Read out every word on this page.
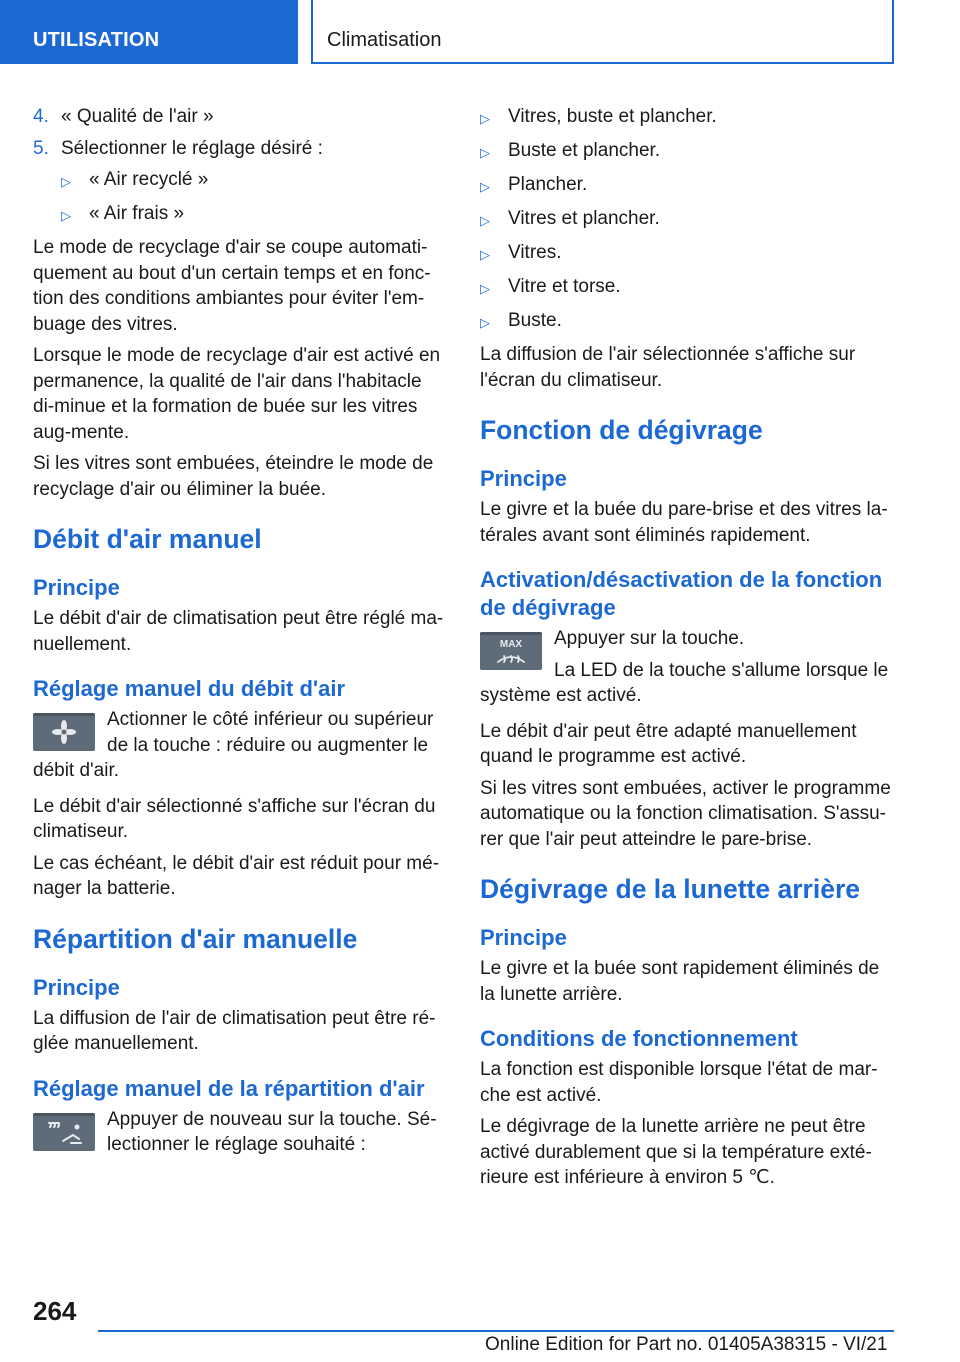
UTILISATION	Climatisation
4. « Qualité de l'air »
5. Sélectionner le réglage désiré :
▷ « Air recyclé »
▷ « Air frais »

Le mode de recyclage d'air se coupe automati-quement au bout d'un certain temps et en fonc-tion des conditions ambiantes pour éviter l'em-buage des vitres.

Lorsque le mode de recyclage d'air est activé en permanence, la qualité de l'air dans l'habitacle di-minue et la formation de buée sur les vitres aug-mente.

Si les vitres sont embuées, éteindre le mode de recyclage d'air ou éliminer la buée.

Débit d'air manuel
Principe

Le débit d'air de climatisation peut être réglé ma-nuellement.

Réglage manuel du débit d'air

Actionner le côté inférieur ou supérieur de la touche : réduire ou augmenter le

débit d'air.

Le débit d'air sélectionné s'affiche sur l'écran du climatiseur.

Le cas échéant, le débit d'air est réduit pour mé-nager la batterie.

Répartition d'air manuelle
Principe

La diffusion de l'air de climatisation peut être ré-glée manuellement.

Réglage manuel de la répartition d'air

Appuyer de nouveau sur la touche. Sé-lectionner le réglage souhaité :

▷ Vitres, buste et plancher.
▷ Buste et plancher.
▷ Plancher.
▷ Vitres et plancher.
▷ Vitres.
▷ Vitre et torse.
▷ Buste.

La diffusion de l'air sélectionnée s'affiche sur l'écran du climatiseur.

Fonction de dégivrage
Principe

Le givre et la buée du pare-brise et des vitres la-térales avant sont éliminés rapidement.

Activation/désactivation de la fonction de dégivrage
MAX	Appuyer sur la touche.

La LED de la touche s'allume lorsque le

système est activé.

Le débit d'air peut être adapté manuellement quand le programme est activé.

Si les vitres sont embuées, activer le programme automatique ou la fonction climatisation. S'assu-rer que l'air peut atteindre le pare-brise.

Dégivrage de la lunette arrière
Principe

Le givre et la buée sont rapidement éliminés de la lunette arrière.

Conditions de fonctionnement

La fonction est disponible lorsque l'état de mar-che est activé.

Le dégivrage de la lunette arrière ne peut être activé durablement que si la température exté-rieure est inférieure à environ 5 ℃.

264
Online Edition for Part no. 01405A38315 - VI/21
